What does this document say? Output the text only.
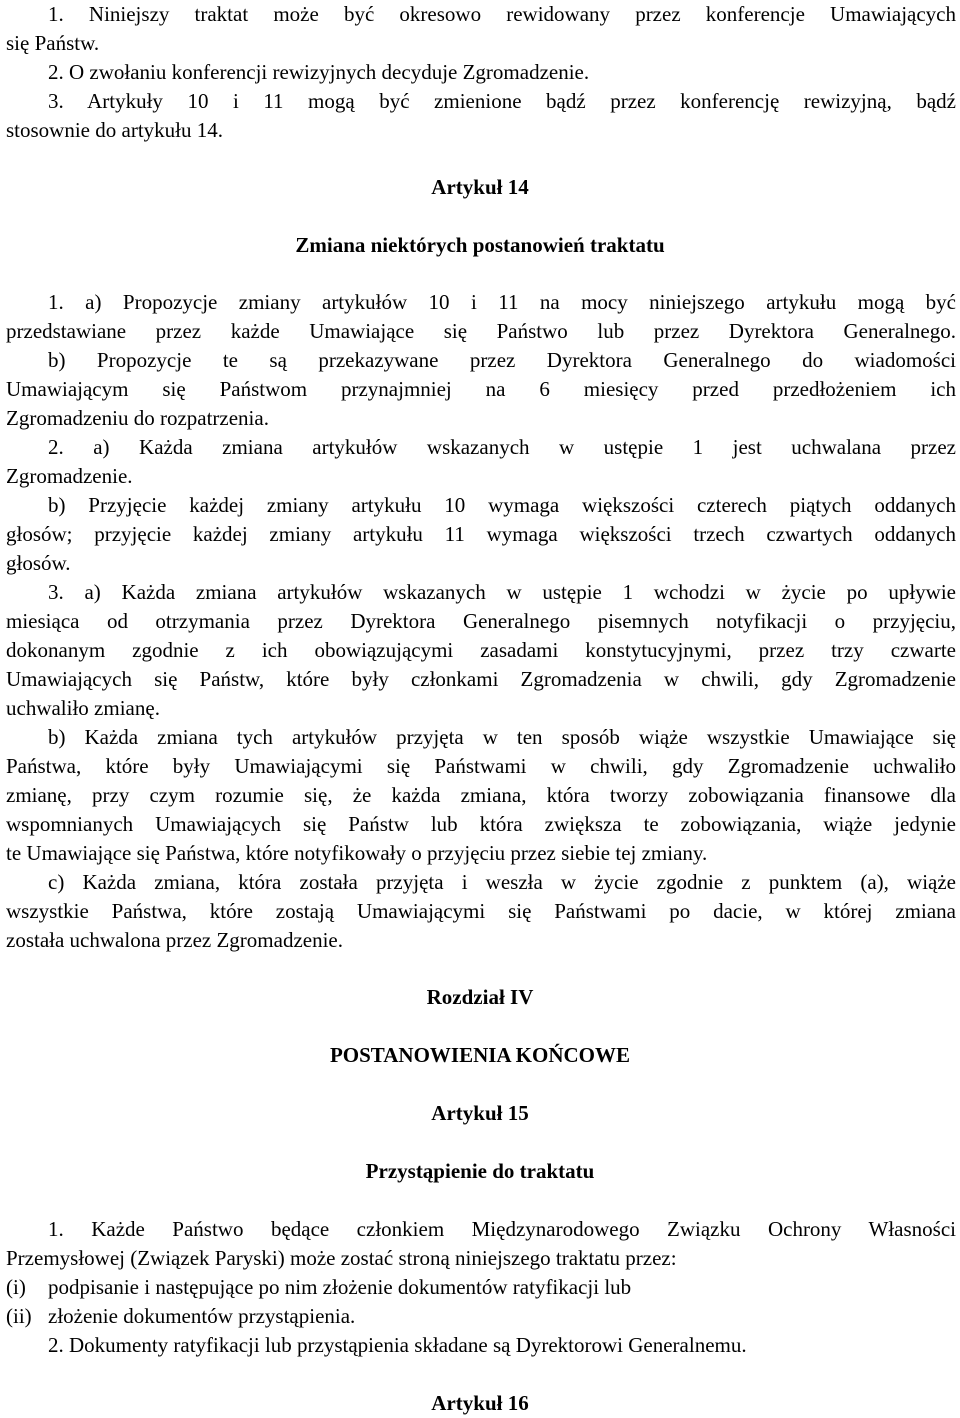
1. Niniejszy traktat może być okresowo rewidowany przez konferencje Umawiających
się Państw.
2. O zwołaniu konferencji rewizyjnych decyduje Zgromadzenie.
3. Artykuły 10 i 11 mogą być zmienione bądź przez konferencję rewizyjną, bądź
stosownie do artykułu 14.
Artykuł 14
Zmiana niektórych postanowień traktatu
1. a) Propozycje zmiany artykułów 10 i 11 na mocy niniejszego artykułu mogą być
przedstawiane przez każde Umawiające się Państwo lub przez Dyrektora Generalnego.
b) Propozycje te są przekazywane przez Dyrektora Generalnego do wiadomości
Umawiającym się Państwom przynajmniej na 6 miesięcy przed przedłożeniem ich
Zgromadzeniu do rozpatrzenia.
2. a) Każda zmiana artykułów wskazanych w ustępie 1 jest uchwalana przez
Zgromadzenie.
b) Przyjęcie każdej zmiany artykułu 10 wymaga większości czterech piątych oddanych
głosów; przyjęcie każdej zmiany artykułu 11 wymaga większości trzech czwartych oddanych
głosów.
3. a) Każda zmiana artykułów wskazanych w ustępie 1 wchodzi w życie po upływie
miesiąca od otrzymania przez Dyrektora Generalnego pisemnych notyfikacji o przyjęciu,
dokonanym zgodnie z ich obowiązującymi zasadami konstytucyjnymi, przez trzy czwarte
Umawiających się Państw, które były członkami Zgromadzenia w chwili, gdy Zgromadzenie
uchwaliło zmianę.
b) Każda zmiana tych artykułów przyjęta w ten sposób wiąże wszystkie Umawiające się
Państwa, które były Umawiającymi się Państwami w chwili, gdy Zgromadzenie uchwaliło
zmianę, przy czym rozumie się, że każda zmiana, która tworzy zobowiązania finansowe dla
wspomnianych Umawiających się Państw lub która zwiększa te zobowiązania, wiąże jedynie
te Umawiające się Państwa, które notyfikowały o przyjęciu przez siebie tej zmiany.
c) Każda zmiana, która została przyjęta i weszła w życie zgodnie z punktem (a), wiąże
wszystkie Państwa, które zostają Umawiającymi się Państwami po dacie, w której zmiana
została uchwalona przez Zgromadzenie.
Rozdział IV
POSTANOWIENIA KOŃCOWE
Artykuł 15
Przystąpienie do traktatu
1. Każde Państwo będące członkiem Międzynarodowego Związku Ochrony Własności
Przemysłowej (Związek Paryski) może zostać stroną niniejszego traktatu przez:
(i) podpisanie i następujące po nim złożenie dokumentów ratyfikacji lub
(ii) złożenie dokumentów przystąpienia.
2. Dokumenty ratyfikacji lub przystąpienia składane są Dyrektorowi Generalnemu.
Artykuł 16
